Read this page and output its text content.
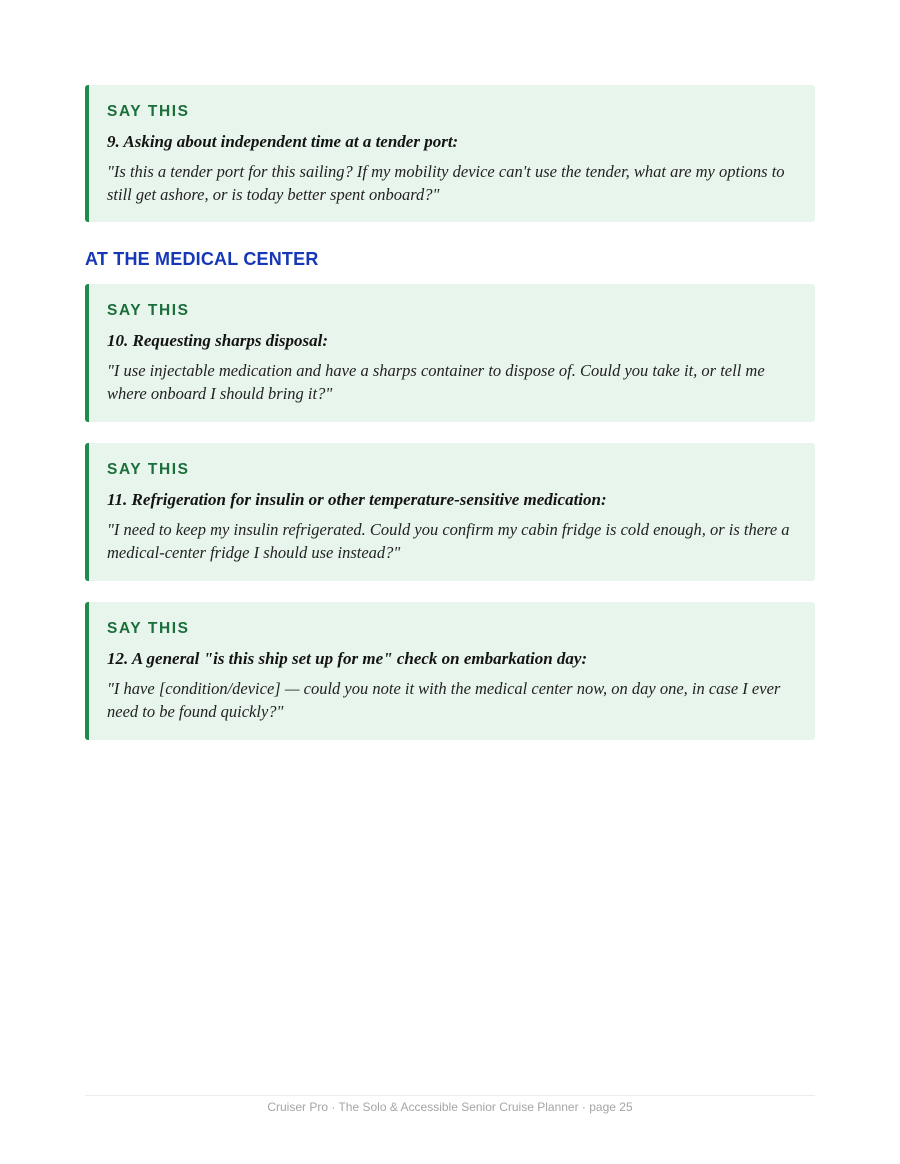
SAY THIS
9. Asking about independent time at a tender port:

"Is this a tender port for this sailing? If my mobility device can't use the tender, what are my options to still get ashore, or is today better spent onboard?"

AT THE MEDICAL CENTER
SAY THIS
10. Requesting sharps disposal:

"I use injectable medication and have a sharps container to dispose of. Could you take it, or tell me where onboard I should bring it?"

SAY THIS
11. Refrigeration for insulin or other temperature-sensitive medication:

"I need to keep my insulin refrigerated. Could you confirm my cabin fridge is cold enough, or is there a medical-center fridge I should use instead?"

SAY THIS
12. A general "is this ship set up for me" check on embarkation day:

"I have [condition/device] — could you note it with the medical center now, on day one, in case I ever need to be found quickly?"

Cruiser Pro · The Solo & Accessible Senior Cruise Planner · page 25
